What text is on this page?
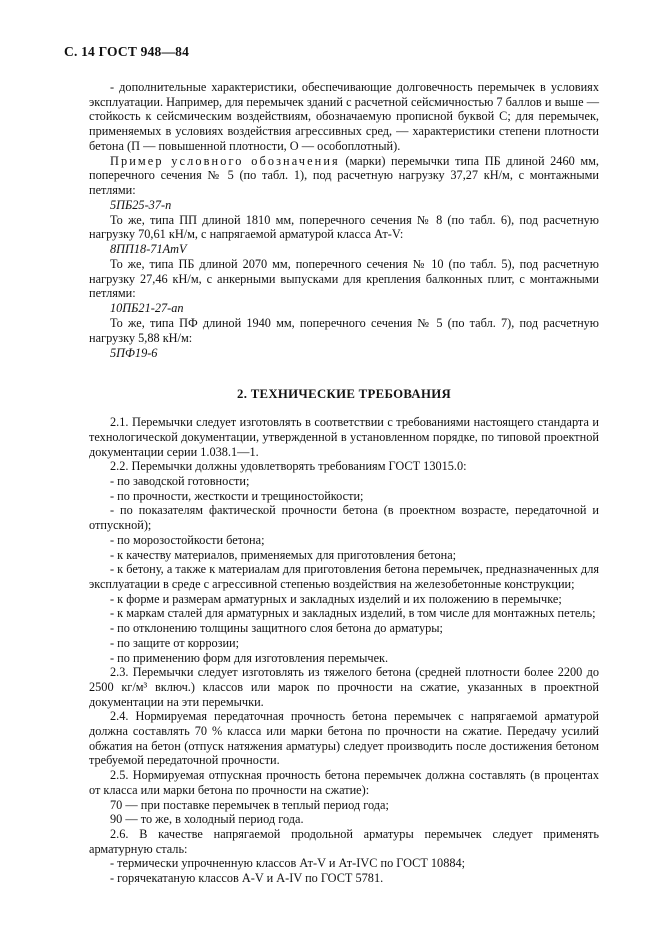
С. 14 ГОСТ 948—84

- дополнительные характеристики, обеспечивающие долговечность перемычек в условиях эксплуатации. Например, для перемычек зданий с расчетной сейсмичностью 7 баллов и выше — стойкость к сейсмическим воздействиям, обозначаемую прописной буквой С; для перемычек, применяемых в условиях воздействия агрессивных сред, — характеристики степени плотности бетона (П — повышенной плотности, О — особоплотный).

Пример условного обозначения (марки) перемычки типа ПБ длиной 2460 мм, поперечного сечения № 5 (по табл. 1), под расчетную нагрузку 37,27 кН/м, с монтажными петлями:

5ПБ25-37-п

То же, типа ПП длиной 1810 мм, поперечного сечения № 8 (по табл. 6), под расчетную нагрузку 70,61 кН/м, с напрягаемой арматурой класса Ат-V:

8ПП18-71АтV

То же, типа ПБ длиной 2070 мм, поперечного сечения № 10 (по табл. 5), под расчетную нагрузку 27,46 кН/м, с анкерными выпусками для крепления балконных плит, с монтажными петлями:

10ПБ21-27-ап

То же, типа ПФ длиной 1940 мм, поперечного сечения № 5 (по табл. 7), под расчетную нагрузку 5,88 кН/м:

5ПФ19-6

2. ТЕХНИЧЕСКИЕ ТРЕБОВАНИЯ

2.1. Перемычки следует изготовлять в соответствии с требованиями настоящего стандарта и технологической документации, утвержденной в установленном порядке, по типовой проектной документации серии 1.038.1—1.

2.2. Перемычки должны удовлетворять требованиям ГОСТ 13015.0:

- по заводской готовности;

- по прочности, жесткости и трещиностойкости;

- по показателям фактической прочности бетона (в проектном возрасте, передаточной и отпускной);

- по морозостойкости бетона;

- к качеству материалов, применяемых для приготовления бетона;

- к бетону, а также к материалам для приготовления бетона перемычек, предназначенных для эксплуатации в среде с агрессивной степенью воздействия на железобетонные конструкции;

- к форме и размерам арматурных и закладных изделий и их положению в перемычке;

- к маркам сталей для арматурных и закладных изделий, в том числе для монтажных петель;

- по отклонению толщины защитного слоя бетона до арматуры;

- по защите от коррозии;

- по применению форм для изготовления перемычек.

2.3. Перемычки следует изготовлять из тяжелого бетона (средней плотности более 2200 до 2500 кг/м³ включ.) классов или марок по прочности на сжатие, указанных в проектной документации на эти перемычки.

2.4. Нормируемая передаточная прочность бетона перемычек с напрягаемой арматурой должна составлять 70 % класса или марки бетона по прочности на сжатие. Передачу усилий обжатия на бетон (отпуск натяжения арматуры) следует производить после достижения бетоном требуемой передаточной прочности.

2.5. Нормируемая отпускная прочность бетона перемычек должна составлять (в процентах от класса или марки бетона по прочности на сжатие):

70 — при поставке перемычек в теплый период года;

90 — то же, в холодный период года.

2.6. В качестве напрягаемой продольной арматуры перемычек следует применять арматурную сталь:

- термически упрочненную классов Ат-V и Ат-IVC по ГОСТ 10884;

- горячекатаную классов А-V и А-IV по ГОСТ 5781.
